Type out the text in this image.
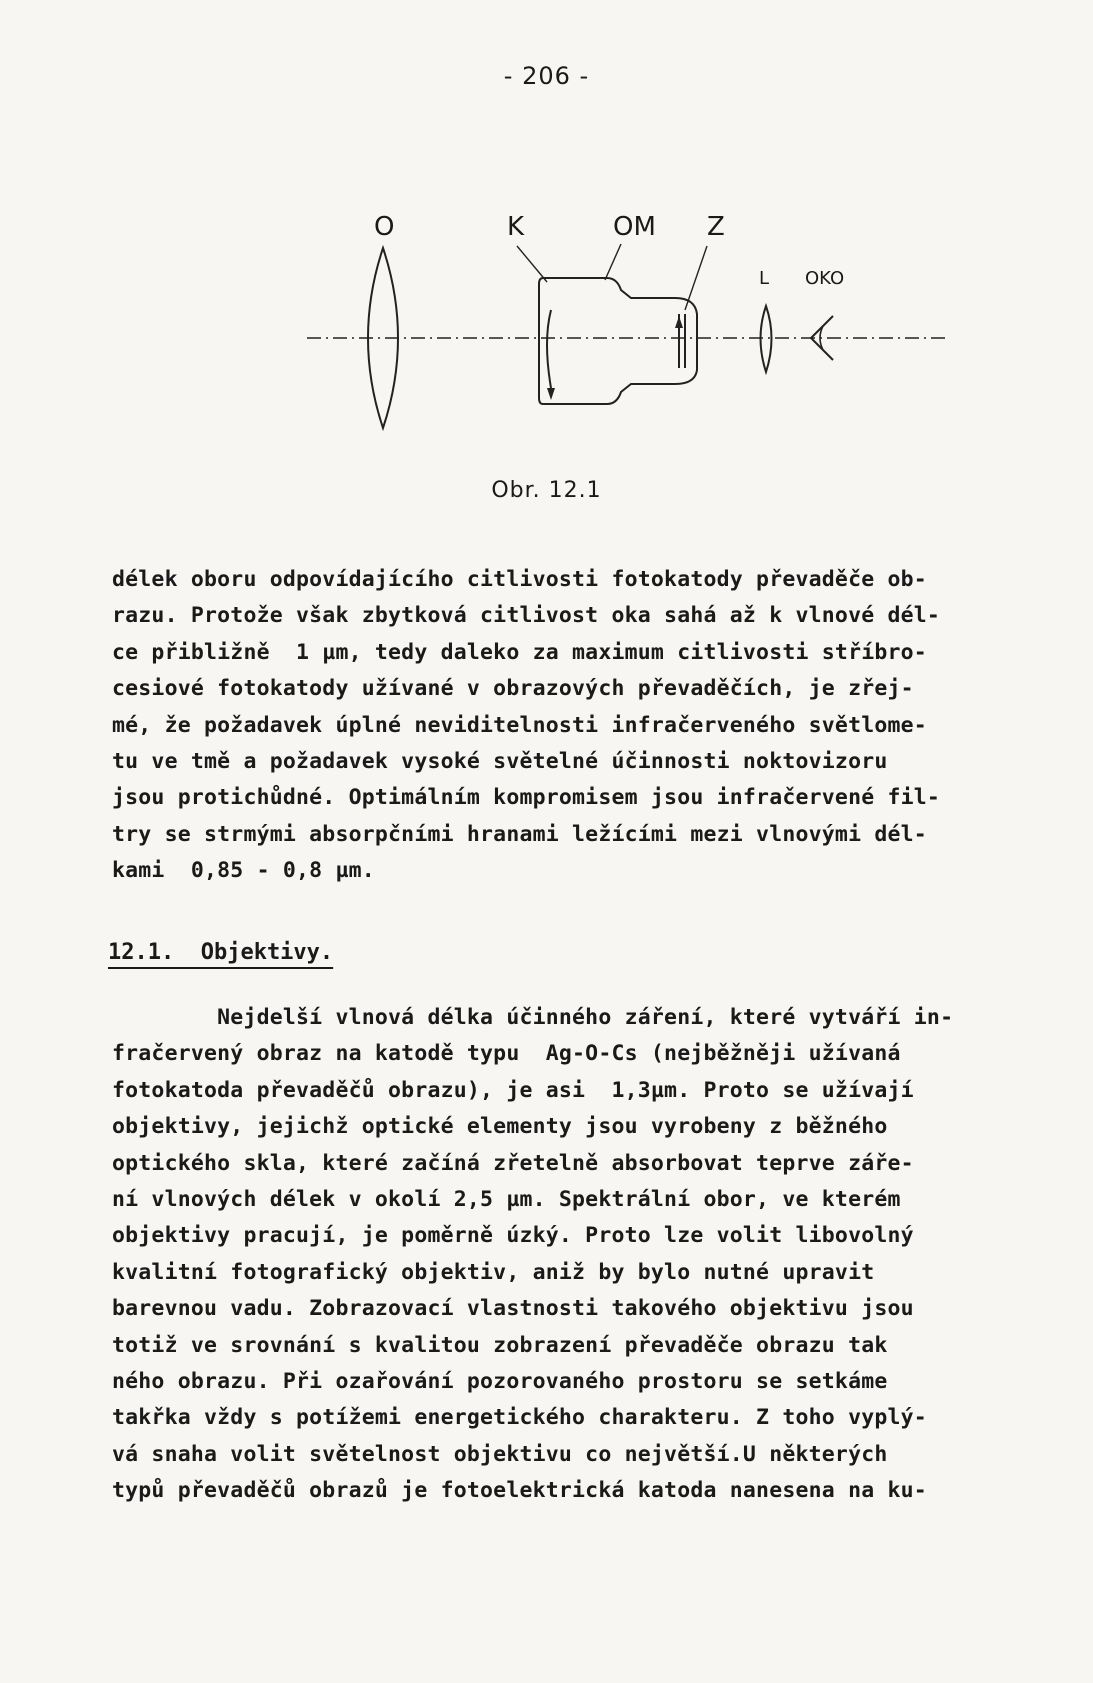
- 206 -
O	K	OM Z
L OKO
Obr. 12.1
délek oboru odpovídajícího citlivosti fotokatody převaděče ob-
razu. Protože však zbytková citlivost oka sahá až k vlnové dél-
ce přibližně  1 µm, tedy daleko za maximum citlivosti stříbro-
cesiové fotokatody užívané v obrazových převaděčích, je zřej-
mé, že požadavek úplné neviditelnosti infračerveného světlome-
tu ve tmě a požadavek vysoké světelné účinnosti noktovizoru
jsou protichůdné. Optimálním kompromisem jsou infračervené fil-
try se strmými absorpčními hranami ležícími mezi vlnovými dél-
kami  0,85 - 0,8 µm.
12.1.  Objektivy.
Nejdelší vlnová délka účinného záření, které vytváří in-
fračervený obraz na katodě typu  Ag-O-Cs (nejběžněji užívaná
fotokatoda převaděčů obrazu), je asi  1,3µm. Proto se užívají
objektivy, jejichž optické elementy jsou vyrobeny z běžného
optického skla, které začíná zřetelně absorbovat teprve záře-
ní vlnových délek v okolí 2,5 µm. Spektrální obor, ve kterém
objektivy pracují, je poměrně úzký. Proto lze volit libovolný
kvalitní fotografický objektiv, aniž by bylo nutné upravit
barevnou vadu. Zobrazovací vlastnosti takového objektivu jsou
totiž ve srovnání s kvalitou zobrazení převaděče obrazu tak
ného obrazu. Při ozařování pozorovaného prostoru se setkáme
takřka vždy s potížemi energetického charakteru. Z toho vyplý-
vá snaha volit světelnost objektivu co největší.U některých
typů převaděčů obrazů je fotoelektrická katoda nanesena na ku-
